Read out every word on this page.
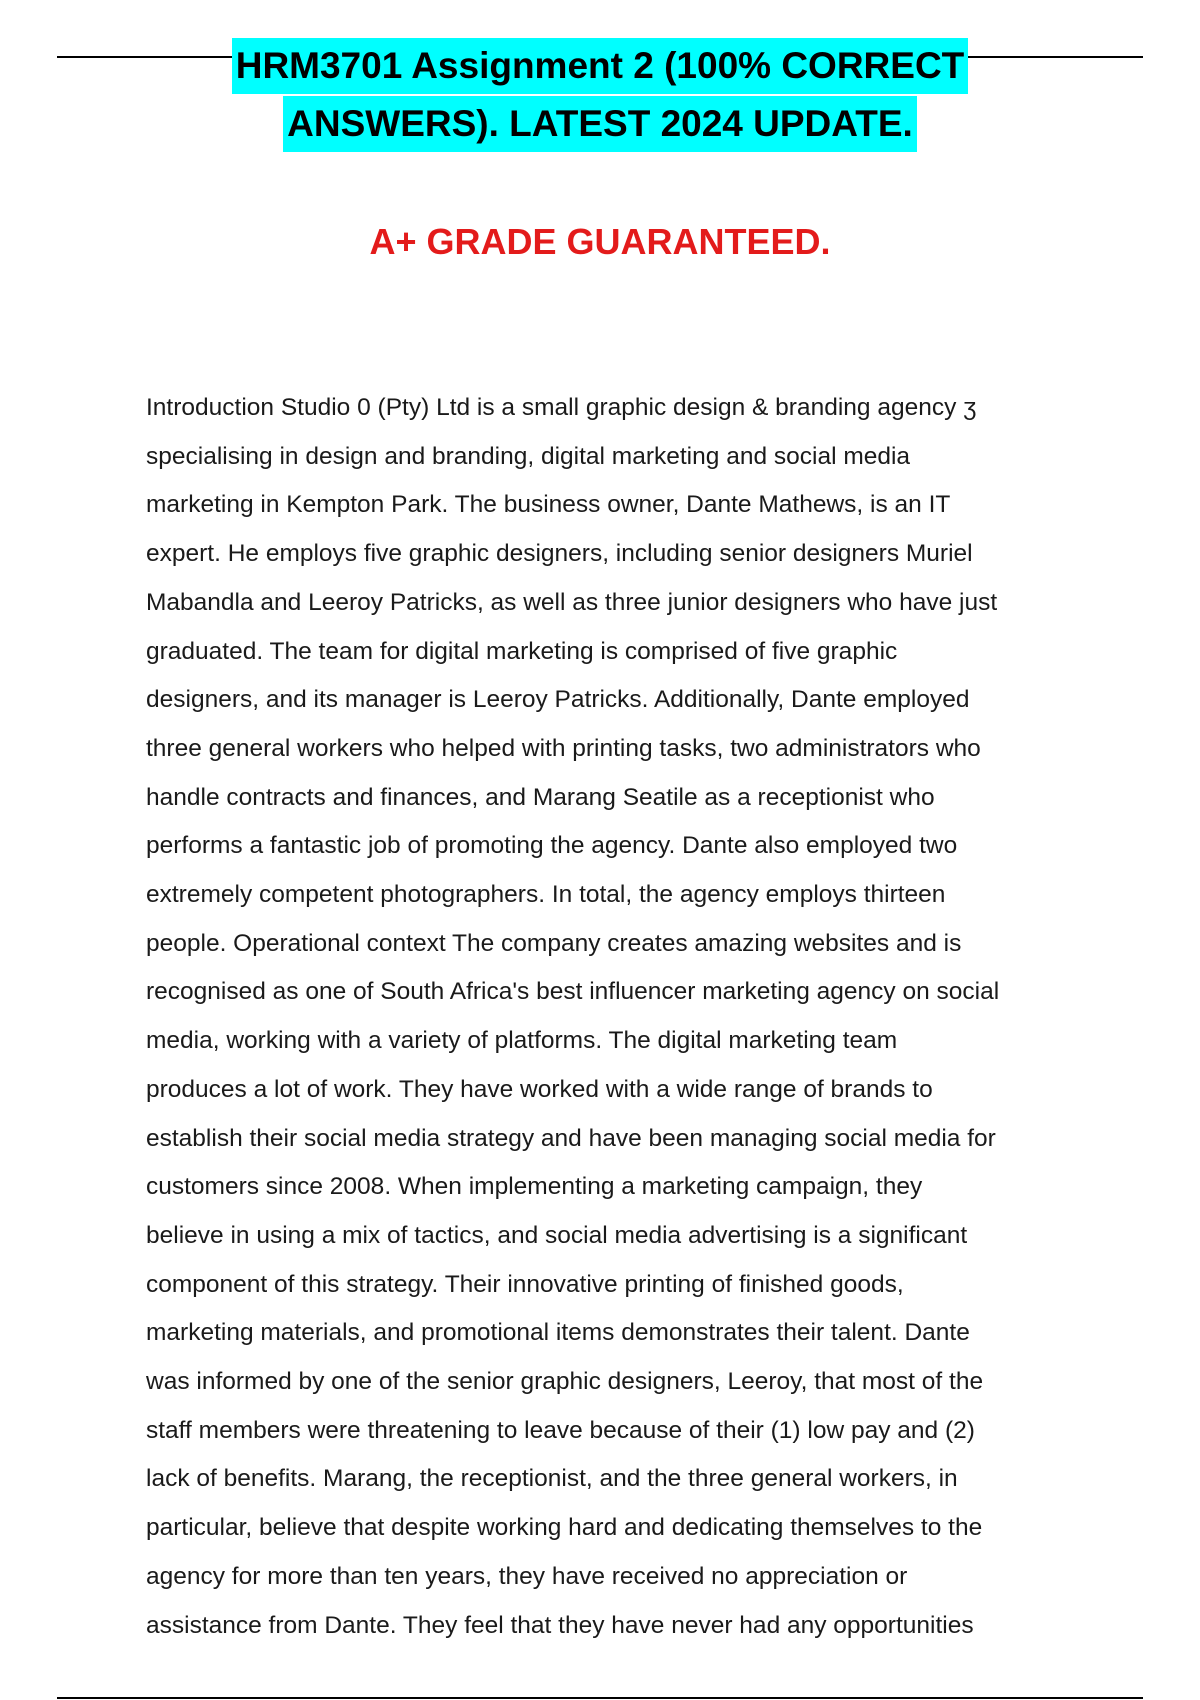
HRM3701 Assignment 2 (100% CORRECT
ANSWERS). LATEST 2024 UPDATE.
A+ GRADE GUARANTEED.
Introduction Studio 0 (Pty) Ltd is a small graphic design & branding agency ʒ
specialising in design and branding, digital marketing and social media
marketing in Kempton Park. The business owner, Dante Mathews, is an IT
expert. He employs five graphic designers, including senior designers Muriel
Mabandla and Leeroy Patricks, as well as three junior designers who have just
graduated. The team for digital marketing is comprised of five graphic
designers, and its manager is Leeroy Patricks. Additionally, Dante employed
three general workers who helped with printing tasks, two administrators who
handle contracts and finances, and Marang Seatile as a receptionist who
performs a fantastic job of promoting the agency. Dante also employed two
extremely competent photographers. In total, the agency employs thirteen
people. Operational context The company creates amazing websites and is
recognised as one of South Africa's best influencer marketing agency on social
media, working with a variety of platforms. The digital marketing team
produces a lot of work. They have worked with a wide range of brands to
establish their social media strategy and have been managing social media for
customers since 2008. When implementing a marketing campaign, they
believe in using a mix of tactics, and social media advertising is a significant
component of this strategy. Their innovative printing of finished goods,
marketing materials, and promotional items demonstrates their talent. Dante
was informed by one of the senior graphic designers, Leeroy, that most of the
staff members were threatening to leave because of their (1) low pay and (2)
lack of benefits. Marang, the receptionist, and the three general workers, in
particular, believe that despite working hard and dedicating themselves to the
agency for more than ten years, they have received no appreciation or
assistance from Dante. They feel that they have never had any opportunities
